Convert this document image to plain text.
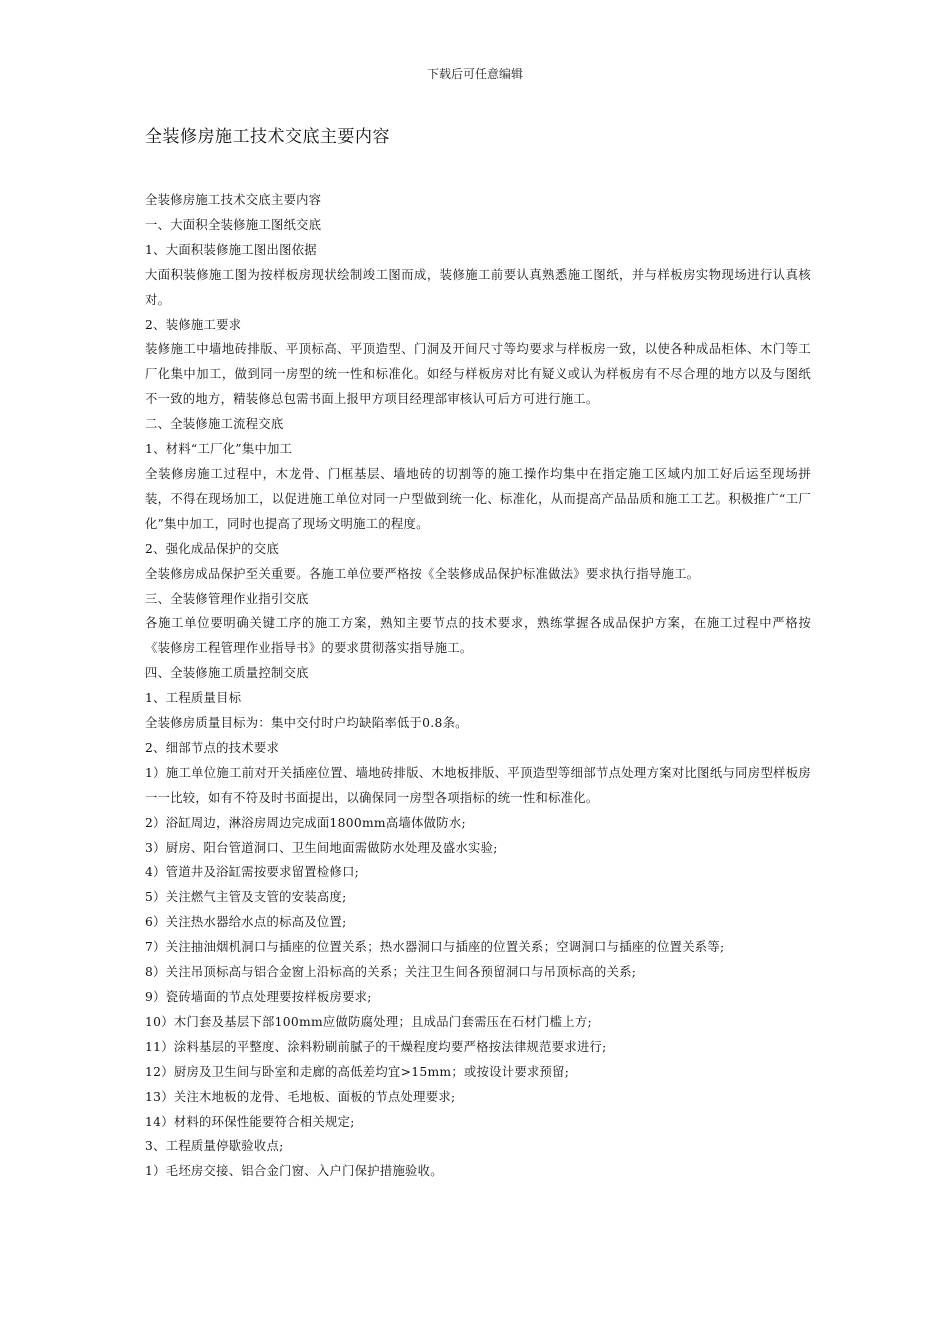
下载后可任意编辑
全装修房施工技术交底主要内容

全装修房施工技术交底主要内容

一、大面积全装修施工图纸交底

1、大面积装修施工图出图依据

大面积装修施工图为按样板房现状绘制竣工图而成，装修施工前要认真熟悉施工图纸，并与样板房实物现场进行认真核对。

2、装修施工要求

装修施工中墙地砖排版、平顶标高、平顶造型、门洞及开间尺寸等均要求与样板房一致，以使各种成品柜体、木门等工厂化集中加工，做到同一房型的统一性和标准化。如经与样板房对比有疑义或认为样板房有不尽合理的地方以及与图纸不一致的地方，精装修总包需书面上报甲方项目经理部审核认可后方可进行施工。

二、全装修施工流程交底

1、材料“工厂化”集中加工

全装修房施工过程中，木龙骨、门框基层、墙地砖的切割等的施工操作均集中在指定施工区域内加工好后运至现场拼装，不得在现场加工，以促进施工单位对同一户型做到统一化、标准化，从而提高产品品质和施工工艺。积极推广“工厂化”集中加工，同时也提高了现场文明施工的程度。

2、强化成品保护的交底

全装修房成品保护至关重要。各施工单位要严格按《全装修成品保护标准做法》要求执行指导施工。

三、全装修管理作业指引交底

各施工单位要明确关键工序的施工方案，熟知主要节点的技术要求，熟练掌握各成品保护方案，在施工过程中严格按《装修房工程管理作业指导书》的要求贯彻落实指导施工。

四、全装修施工质量控制交底

1、工程质量目标

全装修房质量目标为：集中交付时户均缺陷率低于0.8条。

2、细部节点的技术要求

1）施工单位施工前对开关插座位置、墙地砖排版、木地板排版、平顶造型等细部节点处理方案对比图纸与同房型样板房一一比较，如有不符及时书面提出，以确保同一房型各项指标的统一性和标准化。

2）浴缸周边，淋浴房周边完成面1800mm高墙体做防水;

3）厨房、阳台管道洞口、卫生间地面需做防水处理及盛水实验;

4）管道井及浴缸需按要求留置检修口;

5）关注燃气主管及支管的安装高度;

6）关注热水器给水点的标高及位置;

7）关注抽油烟机洞口与插座的位置关系；热水器洞口与插座的位置关系；空调洞口与插座的位置关系等;

8）关注吊顶标高与铝合金窗上沿标高的关系；关注卫生间各预留洞口与吊顶标高的关系;

9）瓷砖墙面的节点处理要按样板房要求;

10）木门套及基层下部100mm应做防腐处理；且成品门套需压在石材门槛上方;

11）涂料基层的平整度、涂料粉刷前腻子的干燥程度均要严格按法律规范要求进行;

12）厨房及卫生间与卧室和走廊的高低差均宜>15mm；或按设计要求预留;

13）关注木地板的龙骨、毛地板、面板的节点处理要求;

14）材料的环保性能要符合相关规定;

3、工程质量停歇验收点;

1）毛坯房交接、铝合金门窗、入户门保护措施验收。
